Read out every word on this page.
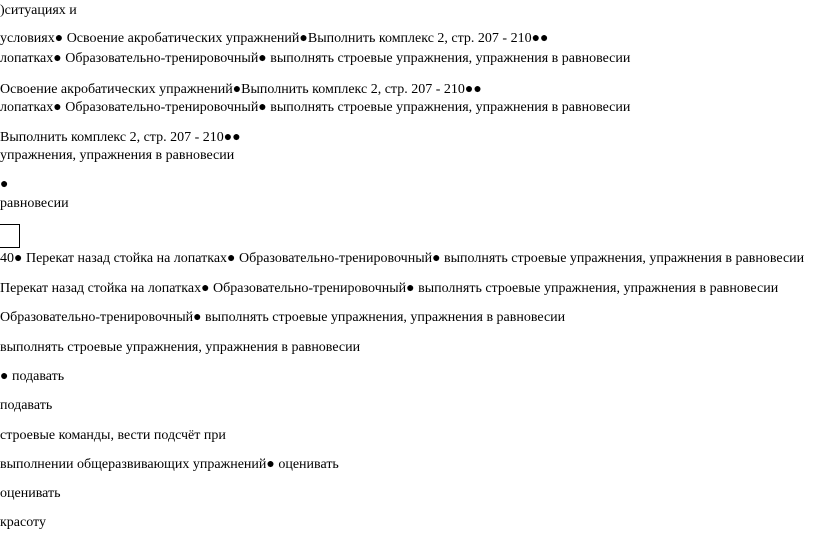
)ситуациях и
условиях● Освоение акробатических упражнений●Выполнить комплекс 2, стр. 207 - 210●●
лопатках● Образовательно-тренировочный● выполнять строевые упражнения, упражнения в равновесии
Освоение акробатических упражнений●Выполнить комплекс 2, стр. 207 - 210●●
лопатках● Образовательно-тренировочный● выполнять строевые упражнения, упражнения в равновесии
Выполнить комплекс 2, стр. 207 - 210●●
упражнения, упражнения в равновесии
●
равновесии
40● Перекат назад стойка на лопатках● Образовательно-тренировочный● выполнять строевые упражнения, упражнения в равновесии
Перекат назад стойка на лопатках● Образовательно-тренировочный● выполнять строевые упражнения, упражнения в равновесии
Образовательно-тренировочный● выполнять строевые упражнения, упражнения в равновесии
выполнять строевые упражнения, упражнения в равновесии
● подавать
подавать
строевые команды, вести подсчёт при
выполнении общеразвивающих упражнений● оценивать
оценивать
красоту
